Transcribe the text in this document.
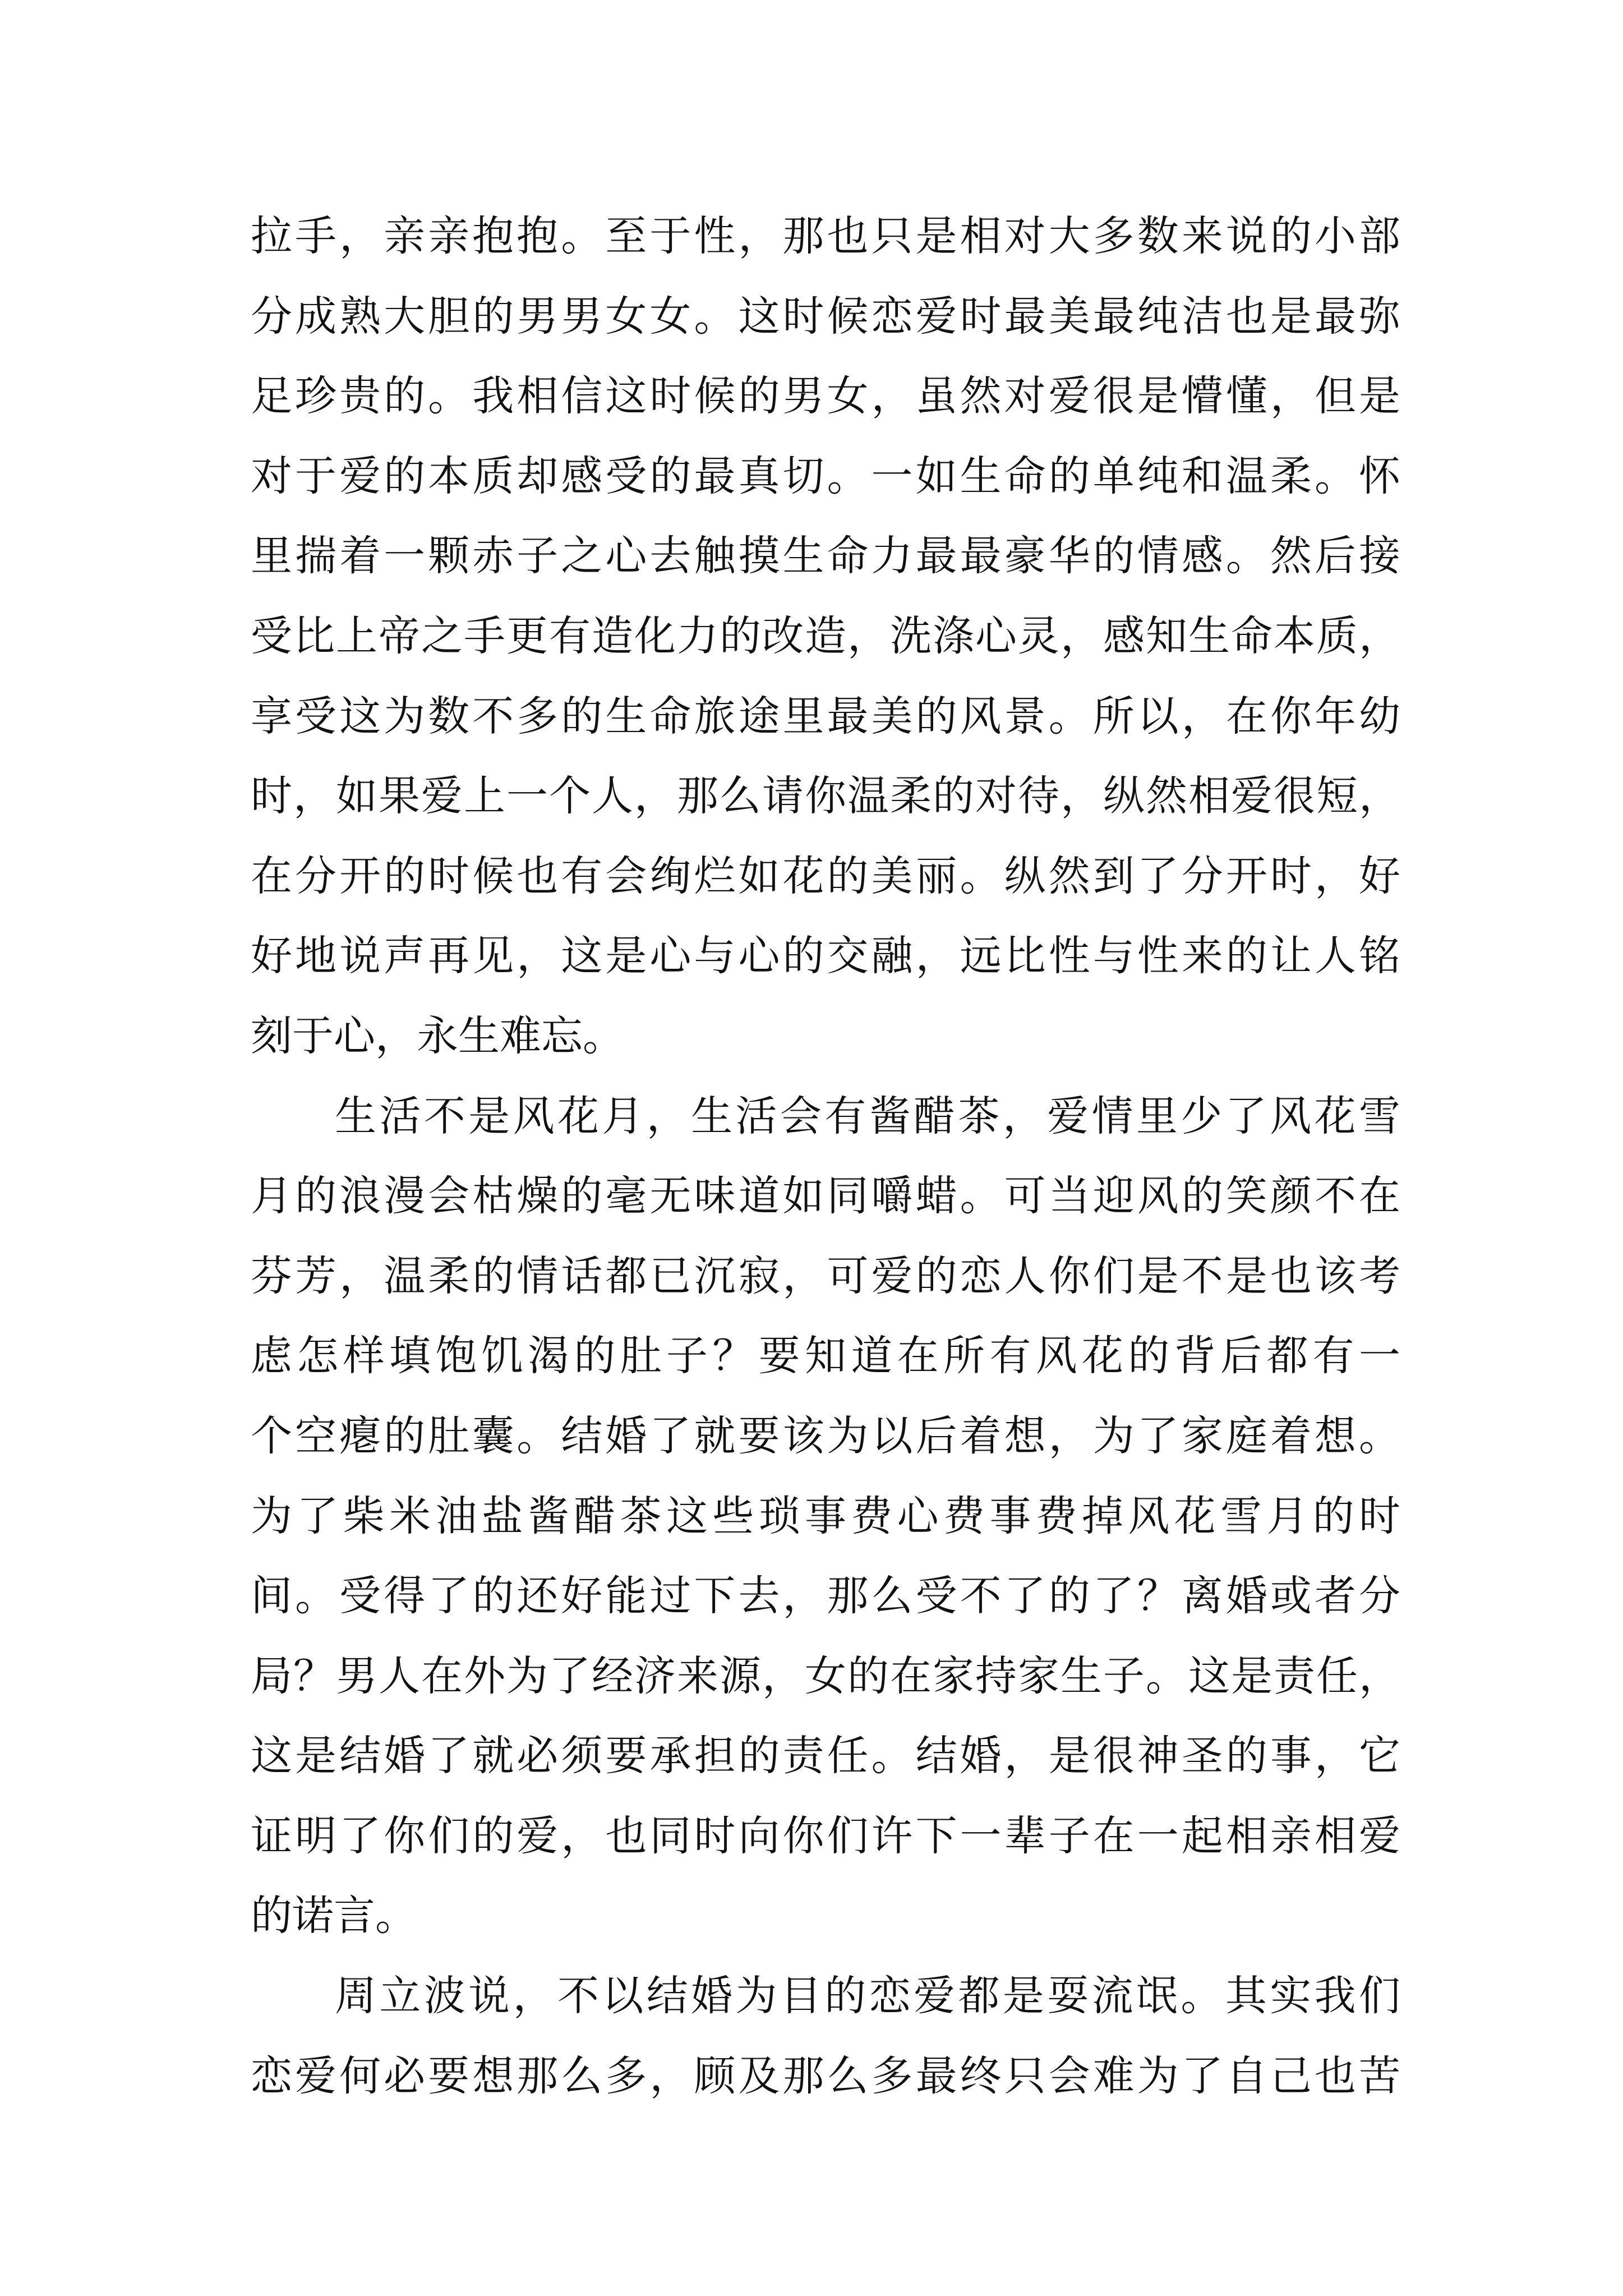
拉手，亲亲抱抱。至于性，那也只是相对大多数来说的小部
分成熟大胆的男男女女。这时候恋爱时最美最纯洁也是最弥
足珍贵的。我相信这时候的男女，虽然对爱很是懵懂，但是
对于爱的本质却感受的最真切。一如生命的单纯和温柔。怀
里揣着一颗赤子之心去触摸生命力最最豪华的情感。然后接
受比上帝之手更有造化力的改造，洗涤心灵，感知生命本质，
享受这为数不多的生命旅途里最美的风景。所以，在你年幼
时，如果爱上一个人，那么请你温柔的对待，纵然相爱很短，
在分开的时候也有会绚烂如花的美丽。纵然到了分开时，好
好地说声再见，这是心与心的交融，远比性与性来的让人铭
刻于心，永生难忘。
生活不是风花月，生活会有酱醋茶，爱情里少了风花雪
月的浪漫会枯燥的毫无味道如同嚼蜡。可当迎风的笑颜不在
芬芳，温柔的情话都已沉寂，可爱的恋人你们是不是也该考
虑怎样填饱饥渴的肚子？要知道在所有风花的背后都有一
个空瘪的肚囊。结婚了就要该为以后着想，为了家庭着想。
为了柴米油盐酱醋茶这些琐事费心费事费掉风花雪月的时
间。受得了的还好能过下去，那么受不了的了？离婚或者分
局？男人在外为了经济来源，女的在家持家生子。这是责任，
这是结婚了就必须要承担的责任。结婚，是很神圣的事，它
证明了你们的爱，也同时向你们许下一辈子在一起相亲相爱
的诺言。
周立波说，不以结婚为目的恋爱都是耍流氓。其实我们
恋爱何必要想那么多，顾及那么多最终只会难为了自己也苦
